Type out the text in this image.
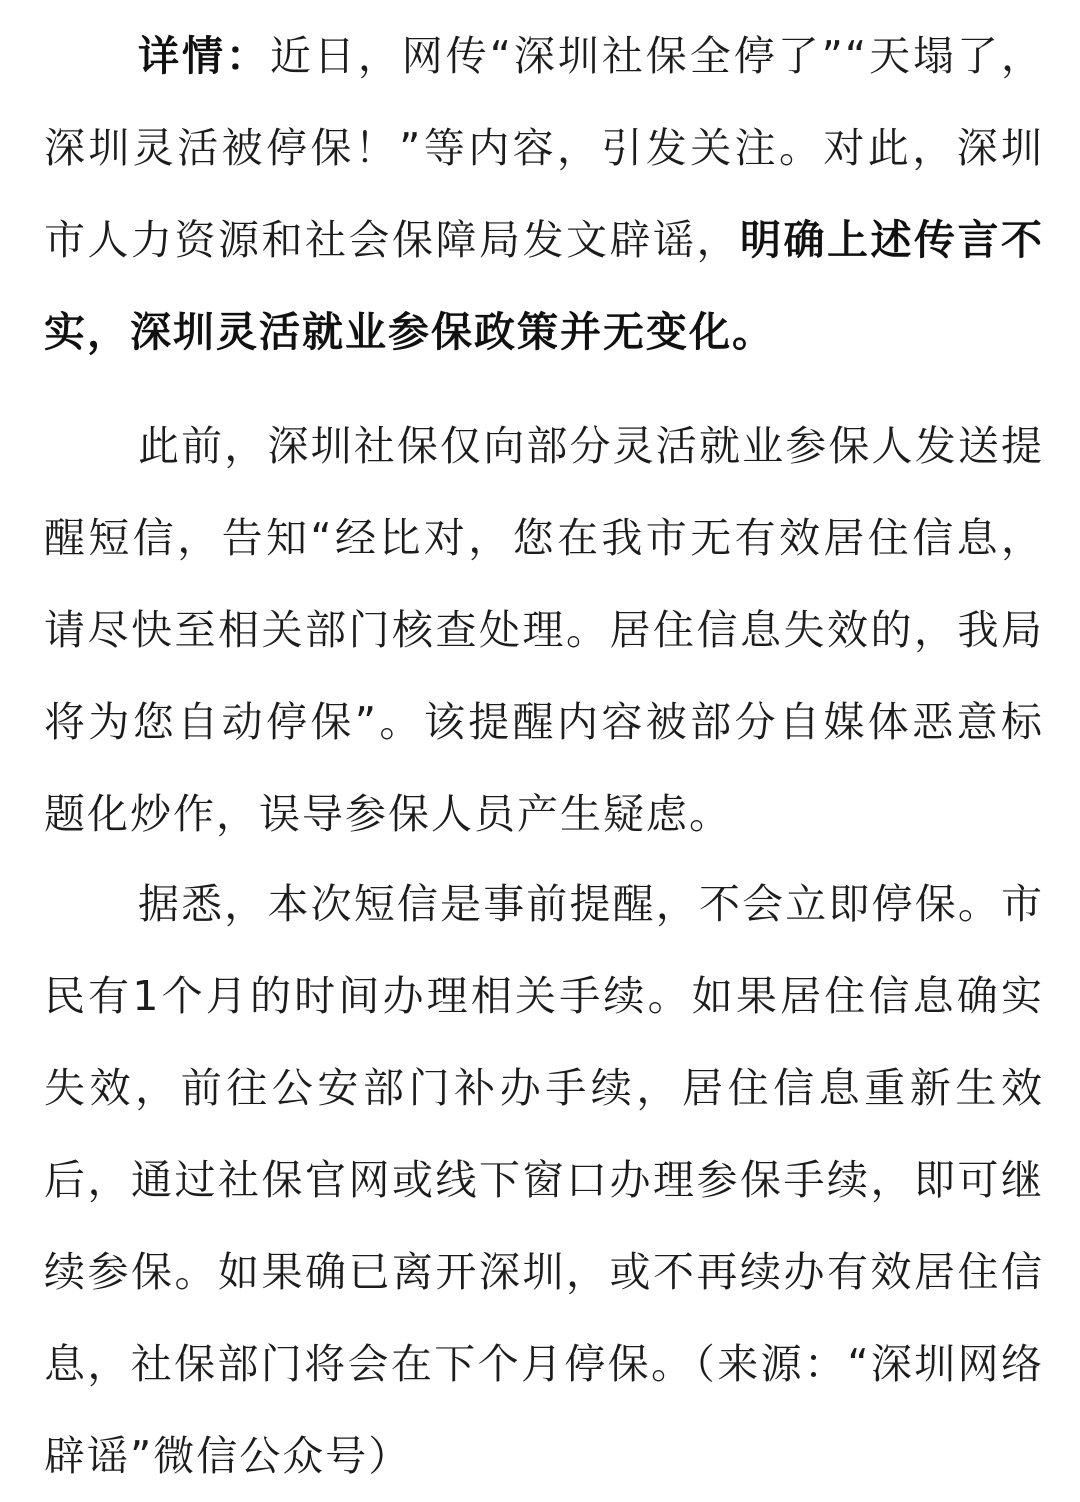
详情：近日，网传“深圳社保全停了”“天塌了，深圳灵活被停保！”等内容，引发关注。对此，深圳市人力资源和社会保障局发文辟谣，明确上述传言不实，深圳灵活就业参保政策并无变化。

此前，深圳社保仅向部分灵活就业参保人发送提醒短信，告知“经比对，您在我市无有效居住信息，请尽快至相关部门核查处理。居住信息失效的，我局将为您自动停保”。该提醒内容被部分自媒体恶意标题化炒作，误导参保人员产生疑虑。

据悉，本次短信是事前提醒，不会立即停保。市民有1个月的时间办理相关手续。如果居住信息确实失效，前往公安部门补办手续，居住信息重新生效后，通过社保官网或线下窗口办理参保手续，即可继续参保。如果确已离开深圳，或不再续办有效居住信息，社保部门将会在下个月停保。（来源：“深圳网络辟谣”微信公众号）
